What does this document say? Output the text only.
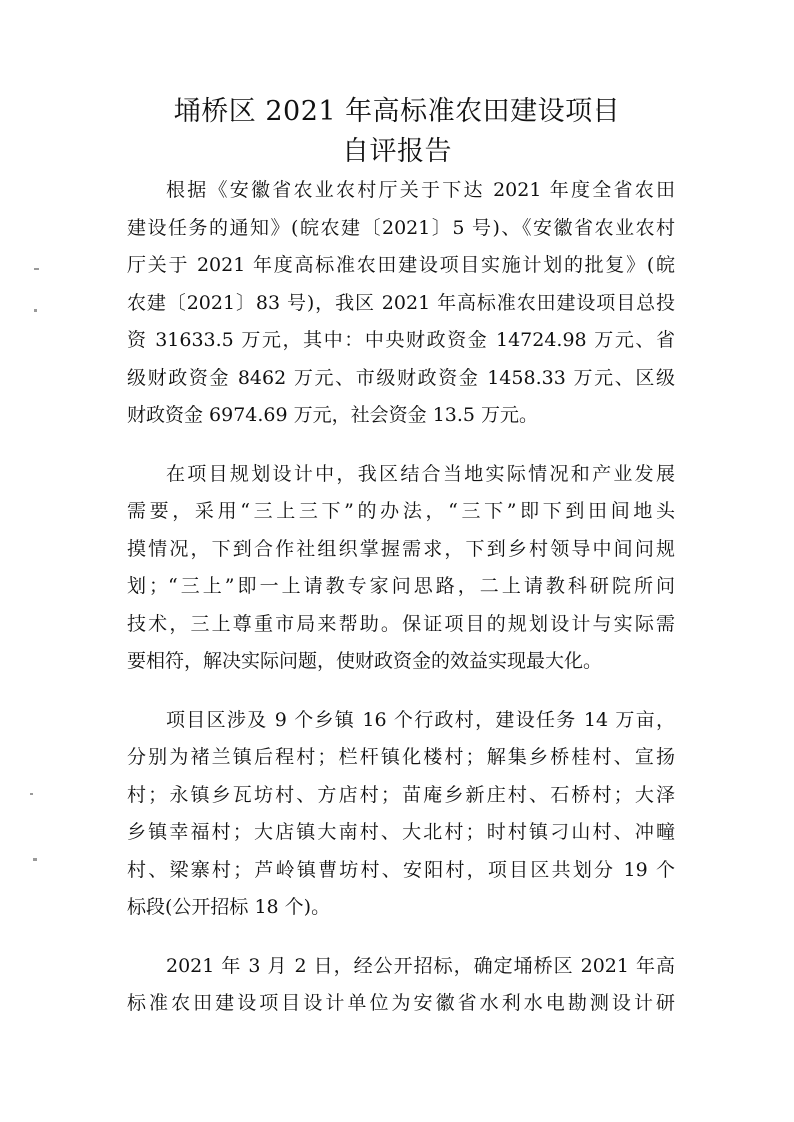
埇桥区 2021 年高标准农田建设项目
自评报告
根据《安徽省农业农村厅关于下达 2021 年度全省农田
建设任务的通知》(皖农建〔2021〕5 号)、《安徽省农业农村
厅关于 2021 年度高标准农田建设项目实施计划的批复》(皖
农建〔2021〕83 号)，我区 2021 年高标准农田建设项目总投
资 31633.5 万元，其中：中央财政资金 14724.98 万元、省
级财政资金 8462 万元、市级财政资金 1458.33 万元、区级
财政资金 6974.69 万元，社会资金 13.5 万元。
在项目规划设计中，我区结合当地实际情况和产业发展
需要，采用“三上三下”的办法，“三下”即下到田间地头
摸情况，下到合作社组织掌握需求，下到乡村领导中间问规
划；“三上”即一上请教专家问思路，二上请教科研院所问
技术，三上尊重市局来帮助。保证项目的规划设计与实际需
要相符，解决实际问题，使财政资金的效益实现最大化。
项目区涉及 9 个乡镇 16 个行政村，建设任务 14 万亩，
分别为褚兰镇后程村；栏杆镇化楼村；解集乡桥桂村、宣扬
村；永镇乡瓦坊村、方店村；苗庵乡新庄村、石桥村；大泽
乡镇幸福村；大店镇大南村、大北村；时村镇刁山村、冲疃
村、梁寨村；芦岭镇曹坊村、安阳村，项目区共划分 19 个
标段(公开招标 18 个)。
2021 年 3 月 2 日，经公开招标，确定埇桥区 2021 年高
标准农田建设项目设计单位为安徽省水利水电勘测设计研
